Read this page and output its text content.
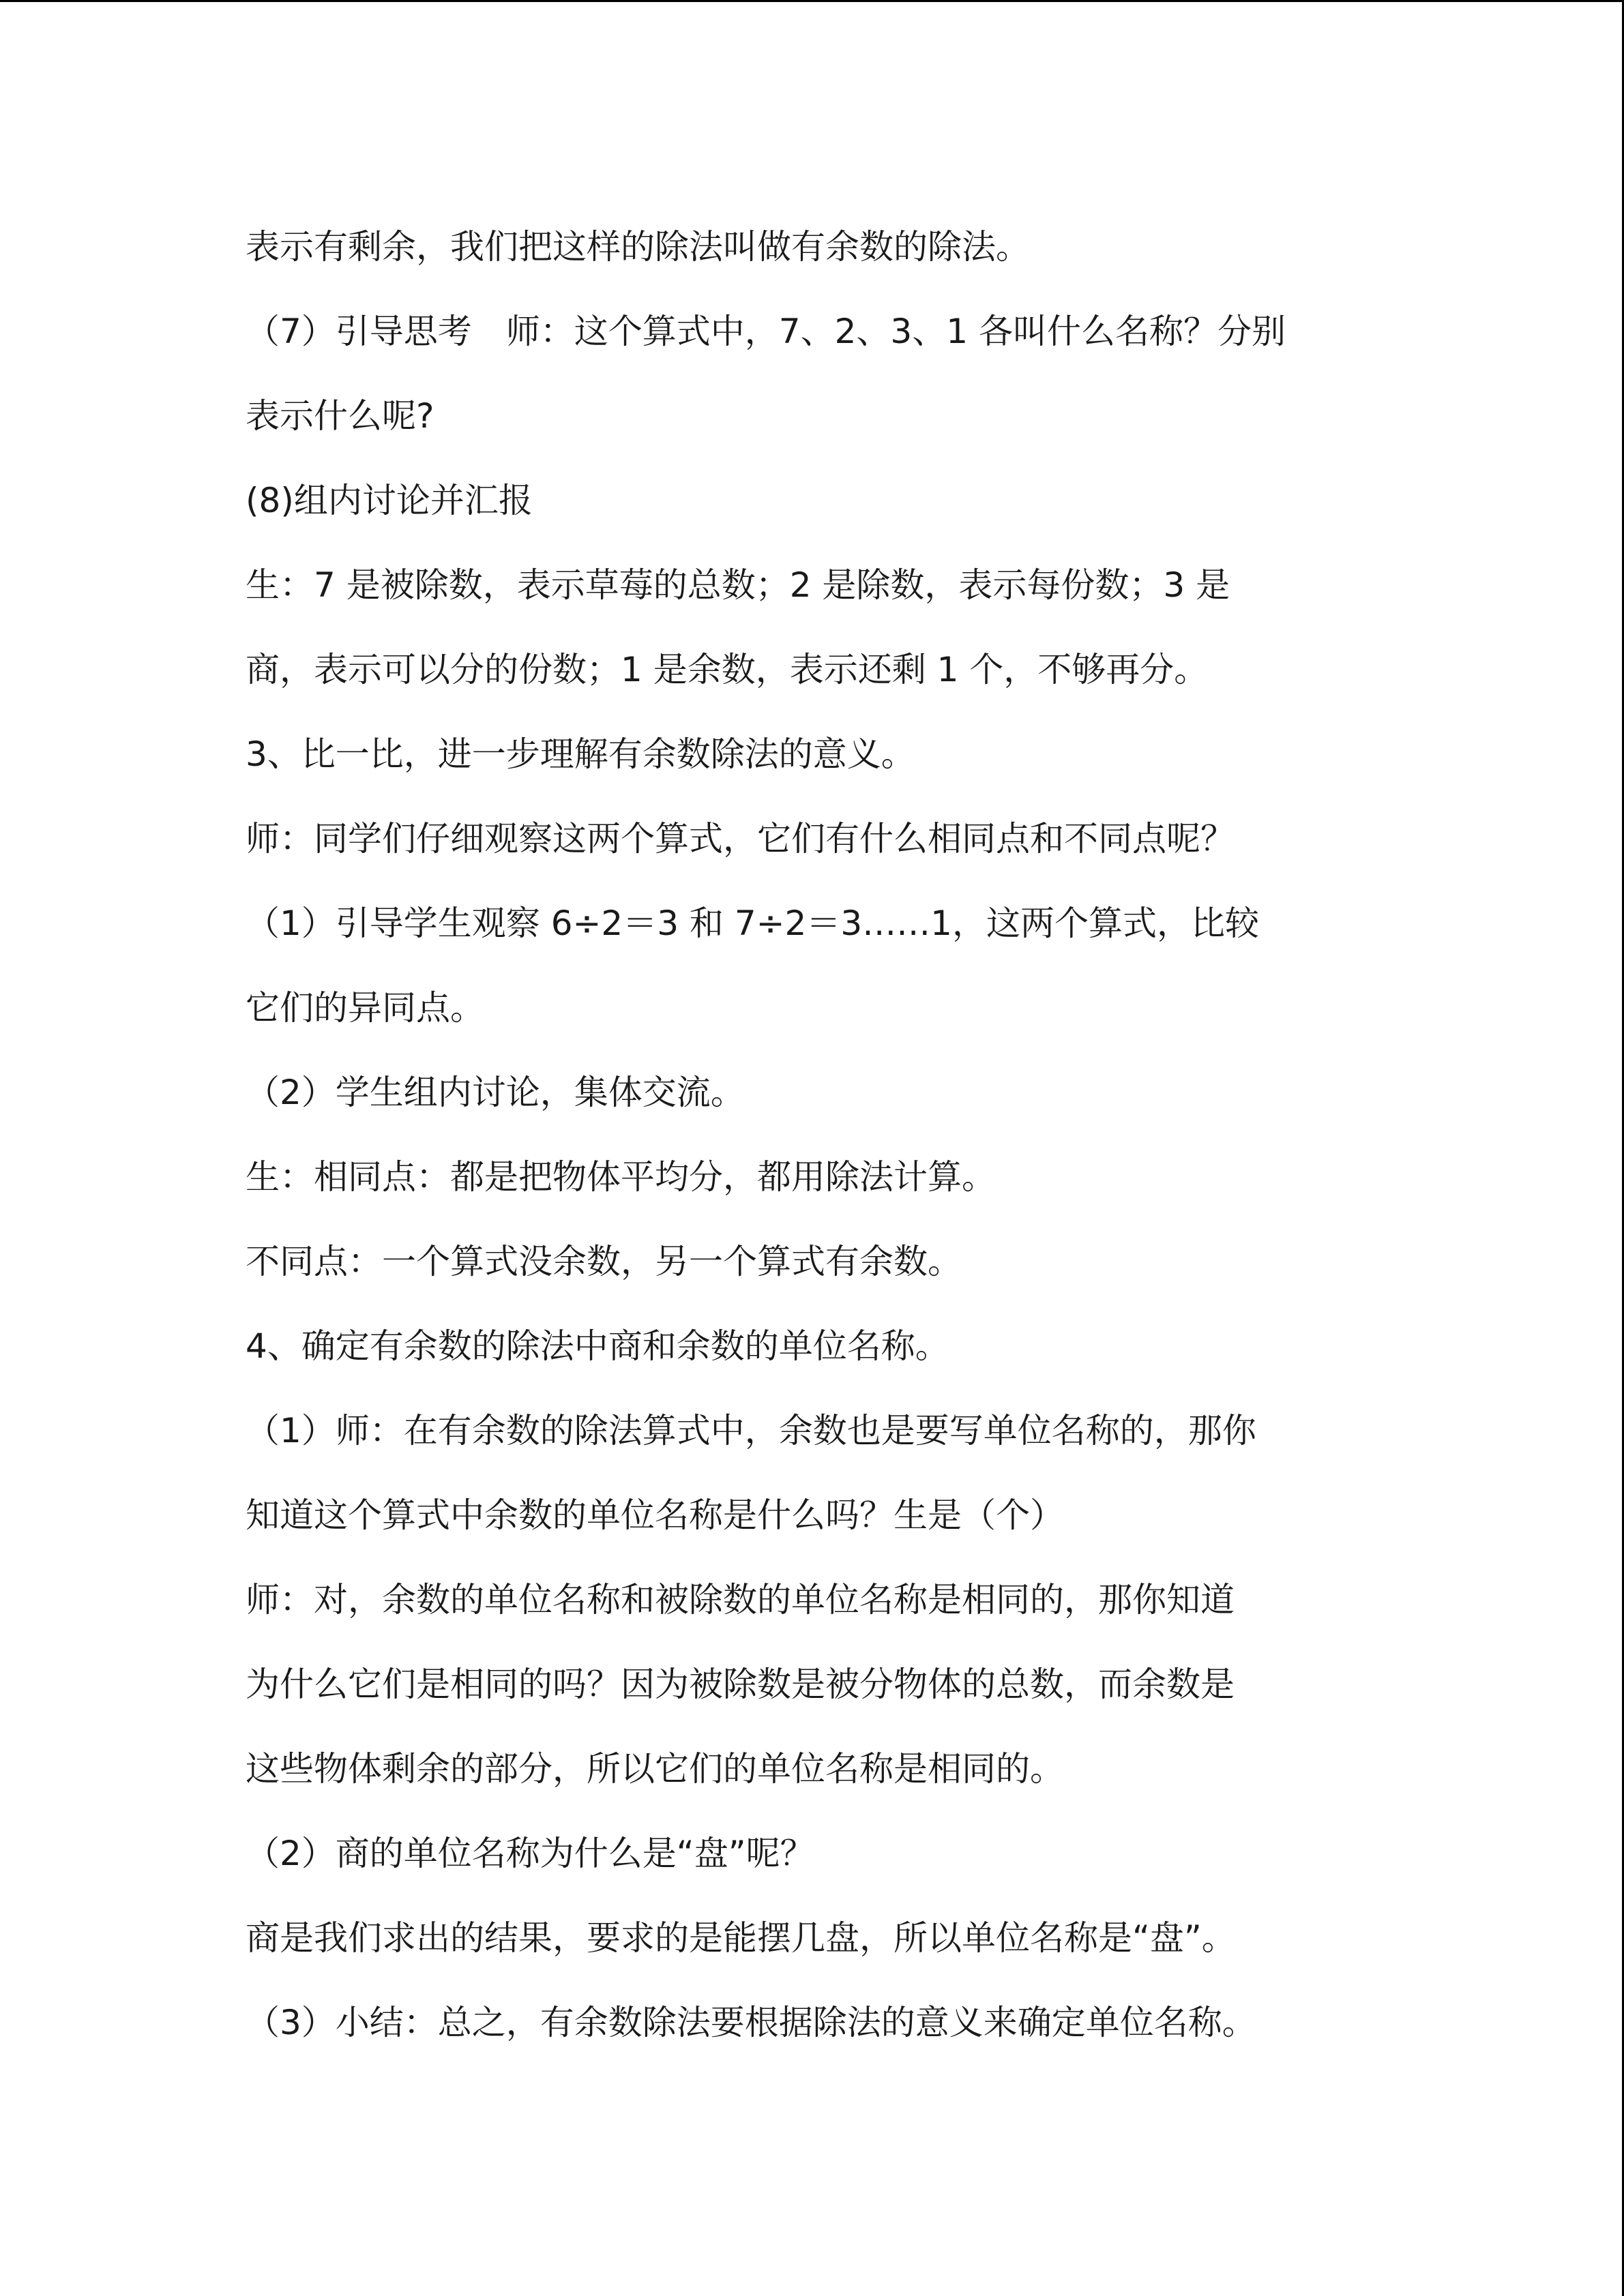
表示有剩余，我们把这样的除法叫做有余数的除法。
（7）引导思考　师：这个算式中，7、2、3、1 各叫什么名称？分别
表示什么呢?
(8)组内讨论并汇报
生：7 是被除数，表示草莓的总数；2 是除数，表示每份数；3 是
商，表示可以分的份数；1 是余数，表示还剩 1 个，不够再分。
3、比一比，进一步理解有余数除法的意义。
师：同学们仔细观察这两个算式，它们有什么相同点和不同点呢？
（1）引导学生观察 6÷2＝3 和 7÷2＝3……1，这两个算式，比较
它们的异同点。
（2）学生组内讨论，集体交流。
生：相同点：都是把物体平均分，都用除法计算。
不同点：一个算式没余数，另一个算式有余数。
4、确定有余数的除法中商和余数的单位名称。
（1）师：在有余数的除法算式中，余数也是要写单位名称的，那你
知道这个算式中余数的单位名称是什么吗？生是（个）
师：对，余数的单位名称和被除数的单位名称是相同的，那你知道
为什么它们是相同的吗？因为被除数是被分物体的总数，而余数是
这些物体剩余的部分，所以它们的单位名称是相同的。
（2）商的单位名称为什么是“盘”呢？
商是我们求出的结果，要求的是能摆几盘，所以单位名称是“盘”。
（3）小结：总之，有余数除法要根据除法的意义来确定单位名称。
